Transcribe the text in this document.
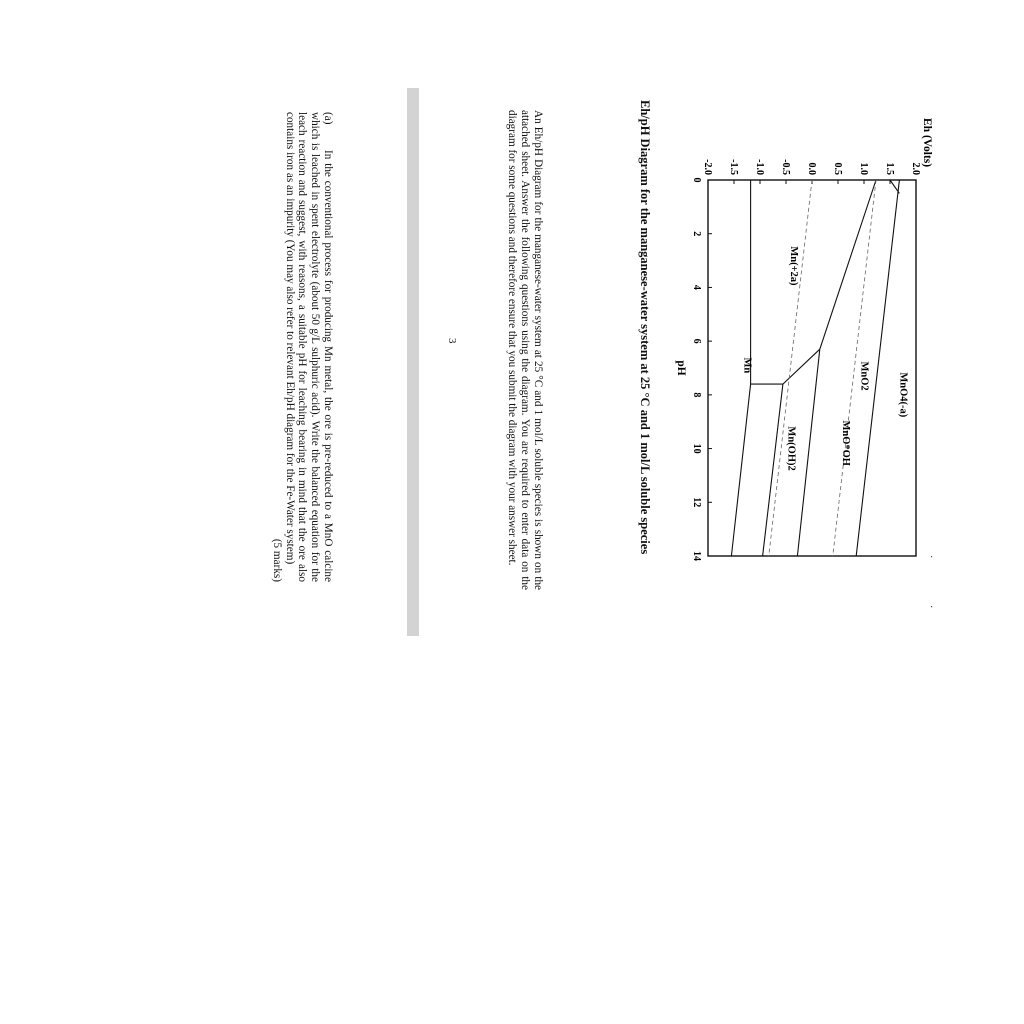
0
2
4
6
8
10
12
14
2.0
1.5
1.0
0.5
0.0
-0.5
-1.0
-1.5
-2.0
pH
Eh (Volts)
MnO4(-a)
MnO2
MnO*OH
Mn(+2a)
Mn(OH)2
Mn
Eh/pH Diagram for the manganese-water system at 25 °C and 1 mol/L soluble species
An Eh/pH Diagram for the manganese-water system at 25 °C and 1 mol/L soluble species is shown on the attached sheet. Answer the following questions using the diagram. You are required to enter data on the diagram for some questions and therefore ensure that you submit the diagram with your answer sheet.
3
(a)In the conventional process for producing Mn metal, the ore is pre-reduced to a MnO calcine which is leached in spent electrolyte (about 50 g/L sulphuric acid). Write the balanced equation for the leach reaction and suggest, with reasons, a suitable pH for leaching bearing in mind that the ore also contains iron as an impurity (You may also refer to relevant Eh/pH diagram for the Fe-Water system)
(5 marks)	·
·
